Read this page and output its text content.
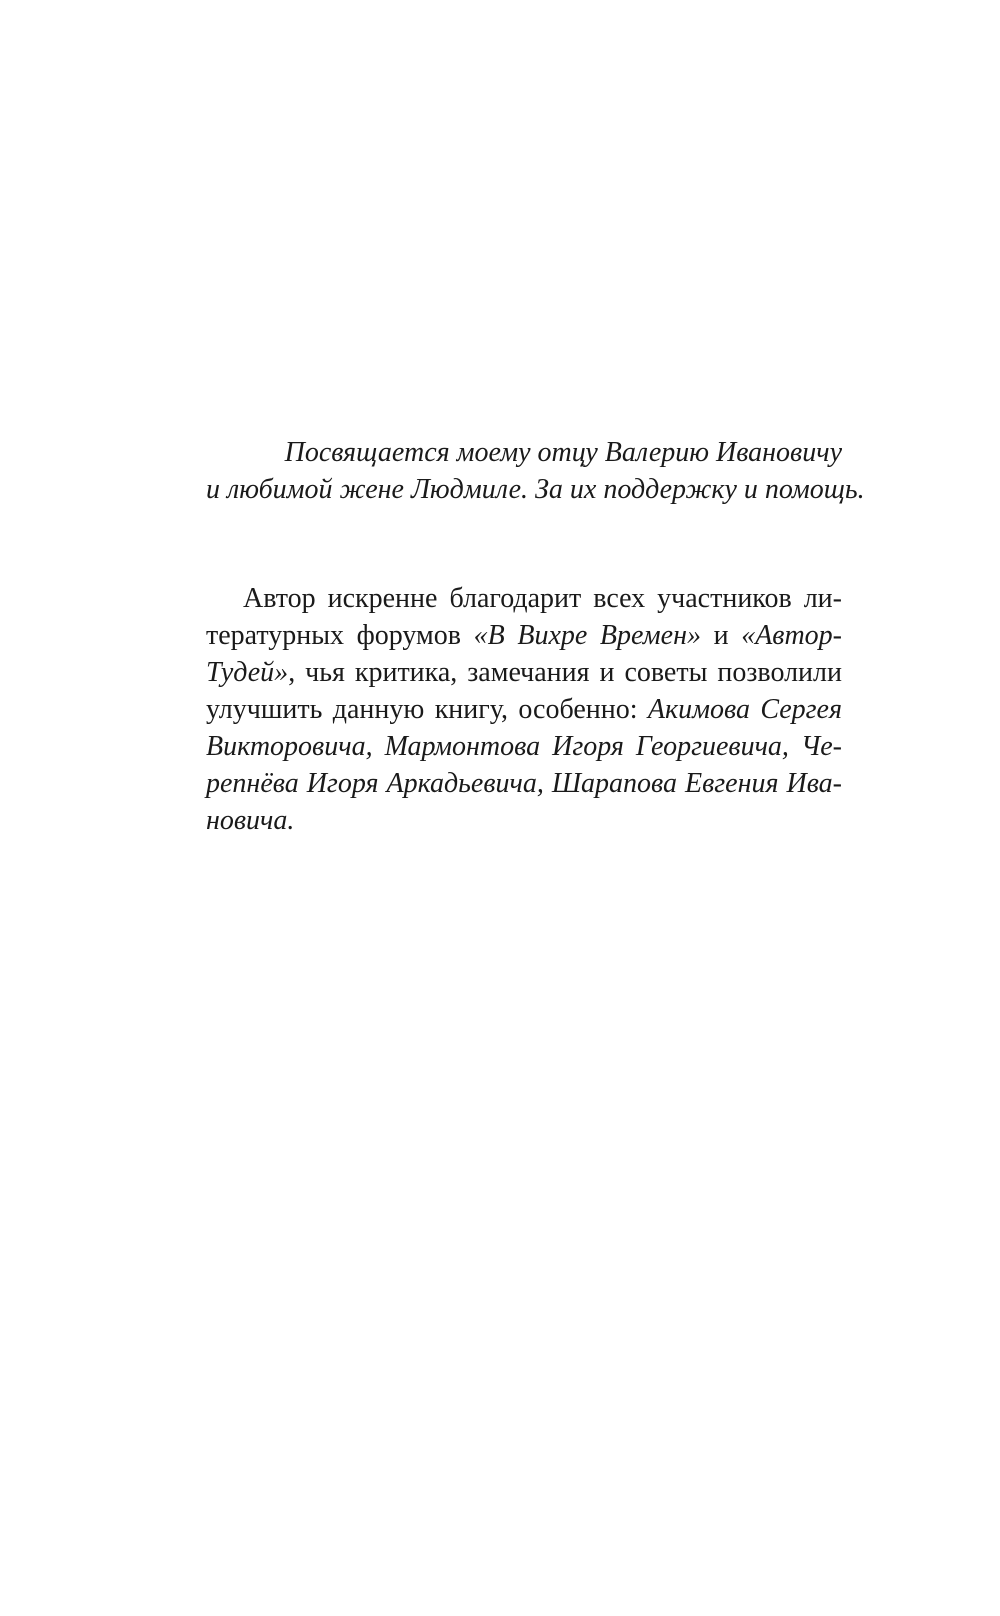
Посвящается моему отцу Валерию Ивановичу
и любимой жене Людмиле. За их поддержку и помощь.
Автор искренне благодарит всех участников ли-
тературных форумов «В Вихре Времен» и «Автор-
Тудей», чья критика, замечания и советы позволили
улучшить данную книгу, особенно: Акимова Сергея
Викторовича, Мармонтова Игоря Георгиевича, Че-
репнёва Игоря Аркадьевича, Шарапова Евгения Ива-
новича.
